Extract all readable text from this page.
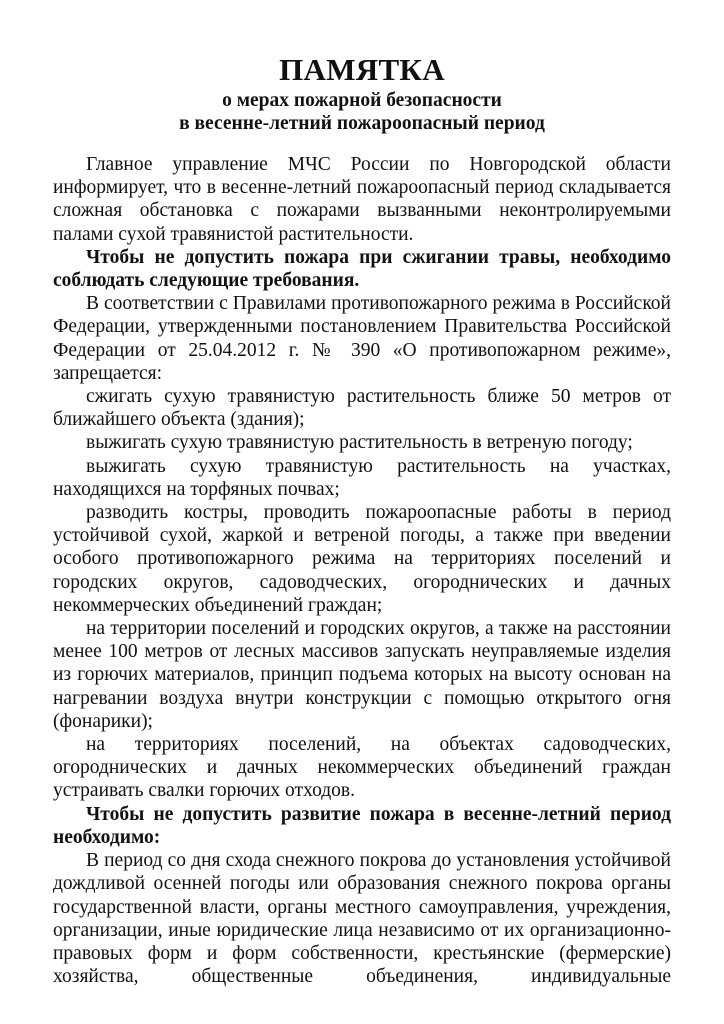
ПАМЯТКА
о мерах пожарной безопасности
в весенне-летний пожароопасный период

Главное управление МЧС России по Новгородской области информирует, что в весенне-летний пожароопасный период складывается сложная обстановка с пожарами вызванными неконтролируемыми палами сухой травянистой растительности.

Чтобы не допустить пожара при сжигании травы, необходимо соблюдать следующие требования.

В соответствии с Правилами противопожарного режима в Российской Федерации, утвержденными постановлением Правительства Российской Федерации от 25.04.2012 г. № 390 «О противопожарном режиме», запрещается:

сжигать сухую травянистую растительность ближе 50 метров от ближайшего объекта (здания);

выжигать сухую травянистую растительность в ветреную погоду;

выжигать сухую травянистую растительность на участках, находящихся на торфяных почвах;

разводить костры, проводить пожароопасные работы в период устойчивой сухой, жаркой и ветреной погоды, а также при введении особого противопожарного режима на территориях поселений и городских округов, садоводческих, огороднических и дачных некоммерческих объединений граждан;

на территории поселений и городских округов, а также на расстоянии менее 100 метров от лесных массивов запускать неуправляемые изделия из горючих материалов, принцип подъема которых на высоту основан на нагревании воздуха внутри конструкции с помощью открытого огня (фонарики);

на территориях поселений, на объектах садоводческих, огороднических и дачных некоммерческих объединений граждан устраивать свалки горючих отходов.

Чтобы не допустить развитие пожара в весенне-летний период необходимо:

В период со дня схода снежного покрова до установления устойчивой дождливой осенней погоды или образования снежного покрова органы государственной власти, органы местного самоуправления, учреждения, организации, иные юридические лица независимо от их организационно-правовых форм и форм собственности, крестьянские (фермерские) хозяйства, общественные объединения, индивидуальные
